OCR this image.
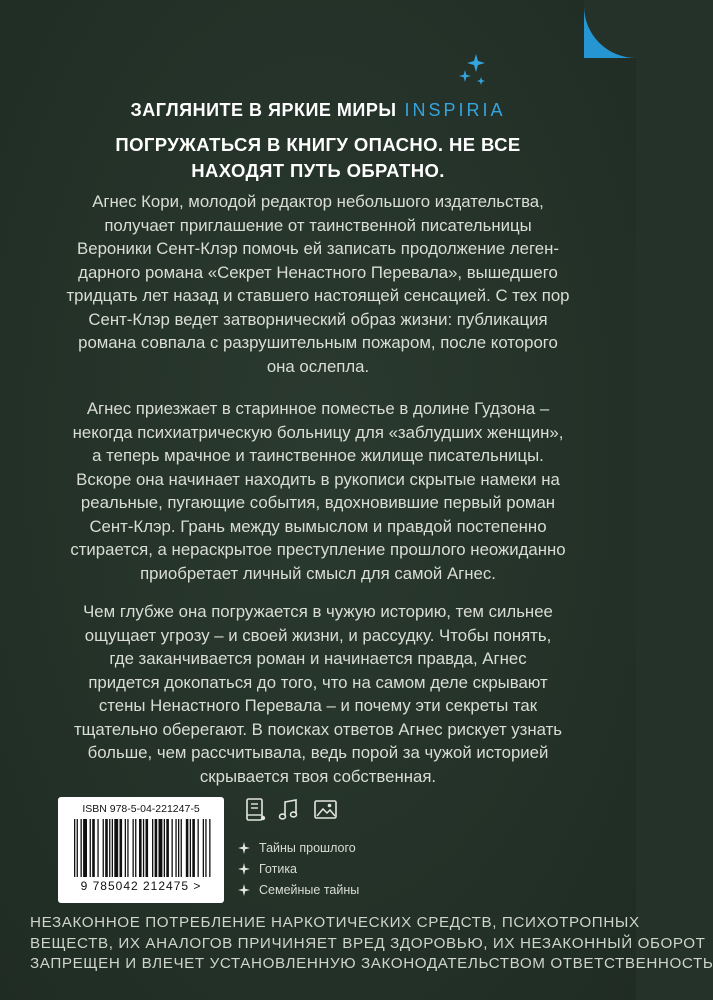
ЗАГЛЯНИТЕ В ЯРКИЕ МИРЫ INSPIRIA
ПОГРУЖАТЬСЯ В КНИГУ ОПАСНО. НЕ ВСЕ
НАХОДЯТ ПУТЬ ОБРАТНО.
Агнес Кори, молодой редактор небольшого издательства,
получает приглашение от таинственной писательницы
Вероники Сент-Клэр помочь ей записать продолжение леген-
дарного романа «Секрет Ненастного Перевала», вышедшего
тридцать лет назад и ставшего настоящей сенсацией. С тех пор
Сент-Клэр ведет затворнический образ жизни: публикация
романа совпала с разрушительным пожаром, после которого
она ослепла.
Агнес приезжает в старинное поместье в долине Гудзона –
некогда психиатрическую больницу для «заблудших женщин»,
а теперь мрачное и таинственное жилище писательницы.
Вскоре она начинает находить в рукописи скрытые намеки на
реальные, пугающие события, вдохновившие первый роман
Сент-Клэр. Грань между вымыслом и правдой постепенно
стирается, а нераскрытое преступление прошлого неожиданно
приобретает личный смысл для самой Агнес.
Чем глубже она погружается в чужую историю, тем сильнее
ощущает угрозу – и своей жизни, и рассудку. Чтобы понять,
где заканчивается роман и начинается правда, Агнес
придется докопаться до того, что на самом деле скрывают
стены Ненастного Перевала – и почему эти секреты так
тщательно оберегают. В поисках ответов Агнес рискует узнать
больше, чем рассчитывала, ведь порой за чужой историей
скрывается твоя собственная.
ISBN 978-5-04-221247-5
9 785042 212475 >
Тайны прошлого
Готика
Семейные тайны
НЕЗАКОННОЕ ПОТРЕБЛЕНИЕ НАРКОТИЧЕСКИХ СРЕДСТВ, ПСИХОТРОПНЫХ
ВЕЩЕСТВ, ИХ АНАЛОГОВ ПРИЧИНЯЕТ ВРЕД ЗДОРОВЬЮ, ИХ НЕЗАКОННЫЙ ОБОРОТ
ЗАПРЕЩЕН И ВЛЕЧЕТ УСТАНОВЛЕННУЮ ЗАКОНОДАТЕЛЬСТВОМ ОТВЕТСТВЕННОСТЬ
